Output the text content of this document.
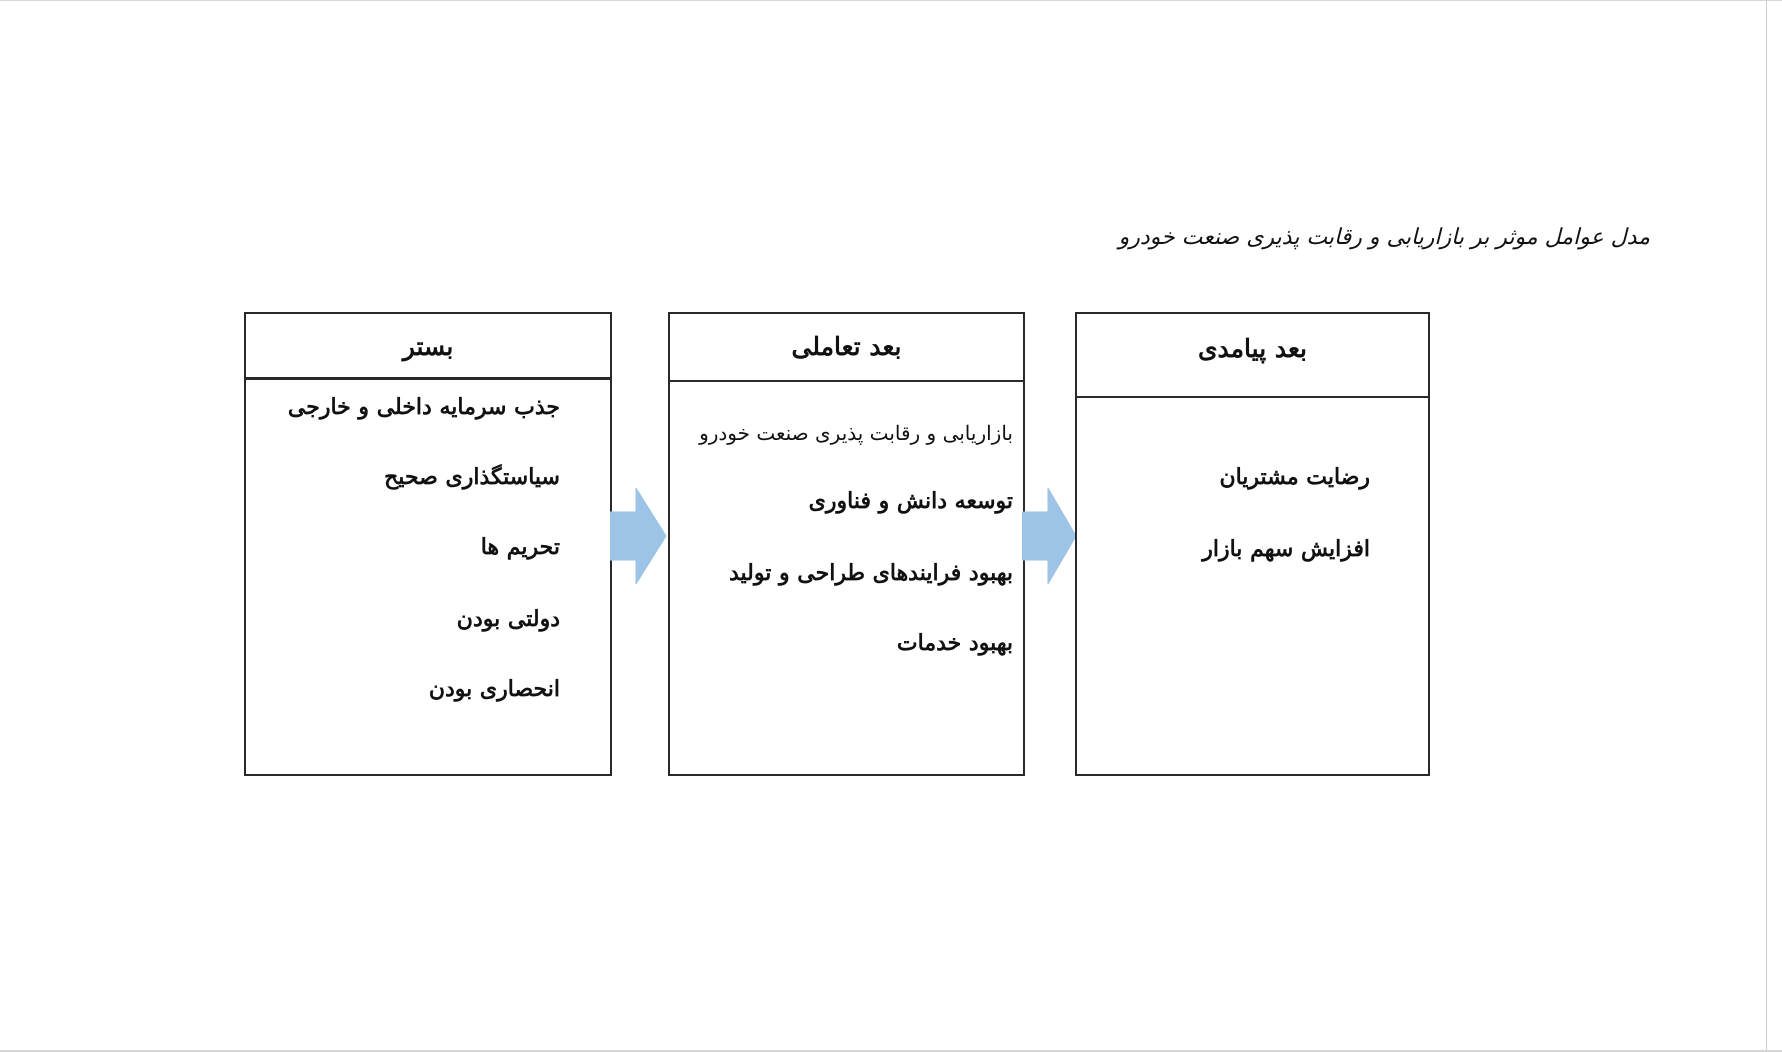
مدل عوامل موثر بر بازاریابی و رقابت پذیری صنعت خودرو
بستر
جذب سرمایه داخلی و خارجی
سیاستگذاری صحیح
تحریم ها
دولتی بودن
انحصاری بودن
بعد تعاملی
بازاریابی و رقابت پذیری صنعت خودرو
توسعه دانش و فناوری
بهبود فرایندهای طراحی و تولید
بهبود خدمات
بعد پیامدی
رضایت مشتریان
افزایش سهم بازار
